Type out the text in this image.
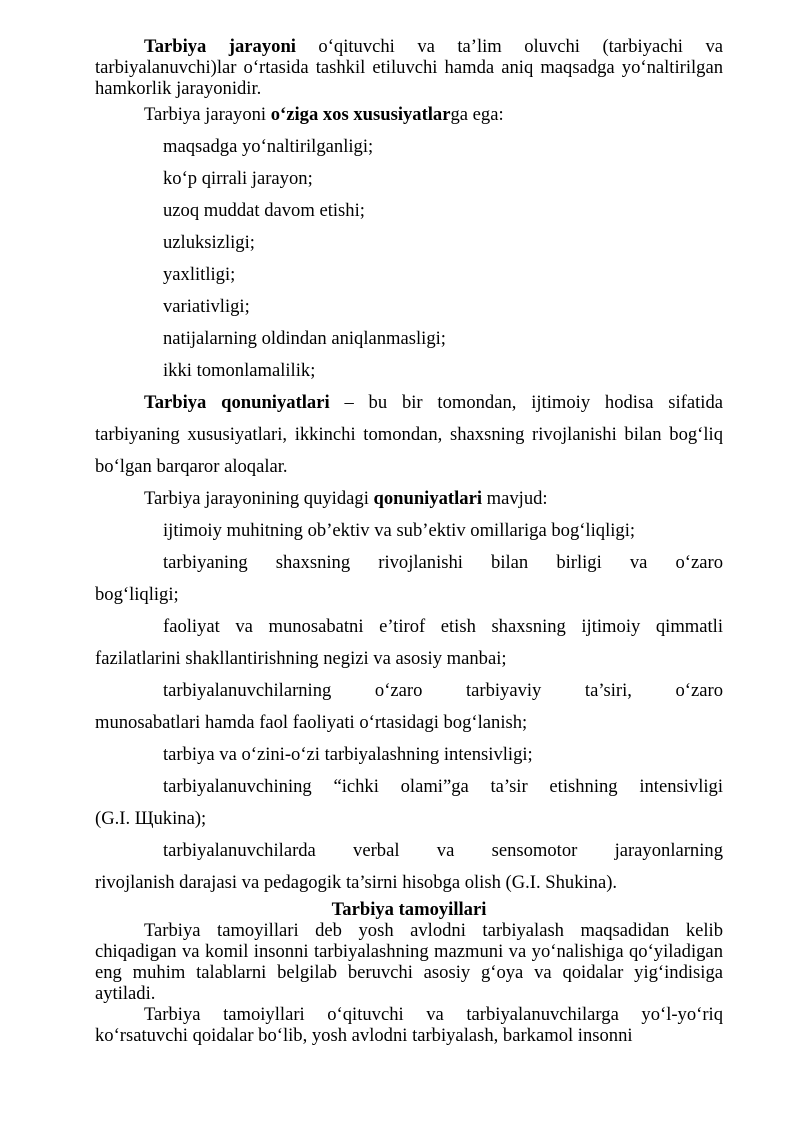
Tarbiya jarayoni o‘qituvchi va ta’lim oluvchi (tarbiyachi va tarbiyalanuvchi)lar o‘rtasida tashkil etiluvchi hamda aniq maqsadga yo‘naltirilgan hamkorlik jarayonidir.

Tarbiya jarayoni o‘ziga xos xususiyatlarga ega:

maqsadga yo‘naltirilganligi;

ko‘p qirrali jarayon;

uzoq muddat davom etishi;

uzluksizligi;

yaxlitligi;

variativligi;

natijalarning oldindan aniqlanmasligi;

ikki tomonlamalilik;

Tarbiya qonuniyatlari – bu bir tomondan, ijtimoiy hodisa sifatida tarbiyaning xususiyatlari, ikkinchi tomondan, shaxsning rivojlanishi bilan bog‘liq bo‘lgan barqaror aloqalar.

Tarbiya jarayonining quyidagi qonuniyatlari mavjud:

ijtimoiy muhitning ob’ektiv va sub’ektiv omillariga bog‘liqligi;

tarbiyaning shaxsning rivojlanishi bilan birligi va o‘zaro

bog‘liqligi;

faoliyat va munosabatni e’tirof etish shaxsning ijtimoiy qimmatli

fazilatlarini shakllantirishning negizi va asosiy manbai;

tarbiyalanuvchilarning o‘zaro tarbiyaviy ta’siri, o‘zaro

munosabatlari hamda faol faoliyati o‘rtasidagi bog‘lanish;

tarbiya va o‘zini-o‘zi tarbiyalashning intensivligi;

tarbiyalanuvchining “ichki olami”ga ta’sir etishning intensivligi

(G.I. Щukina);

tarbiyalanuvchilarda verbal va sensomotor jarayonlarning

rivojlanish darajasi va pedagogik ta’sirni hisobga olish (G.I. Shukina).

Tarbiya tamoyillari

Tarbiya tamoyillari deb yosh avlodni tarbiyalash maqsadidan kelib chiqadigan va komil insonni tarbiyalashning mazmuni va yo‘nalishiga qo‘yiladigan eng muhim talablarni belgilab beruvchi asosiy g‘oya va qoidalar yig‘indisiga aytiladi.

Tarbiya tamoiyllari o‘qituvchi va tarbiyalanuvchilarga yo‘l-yo‘riq ko‘rsatuvchi qoidalar bo‘lib, yosh avlodni tarbiyalash, barkamol insonni
